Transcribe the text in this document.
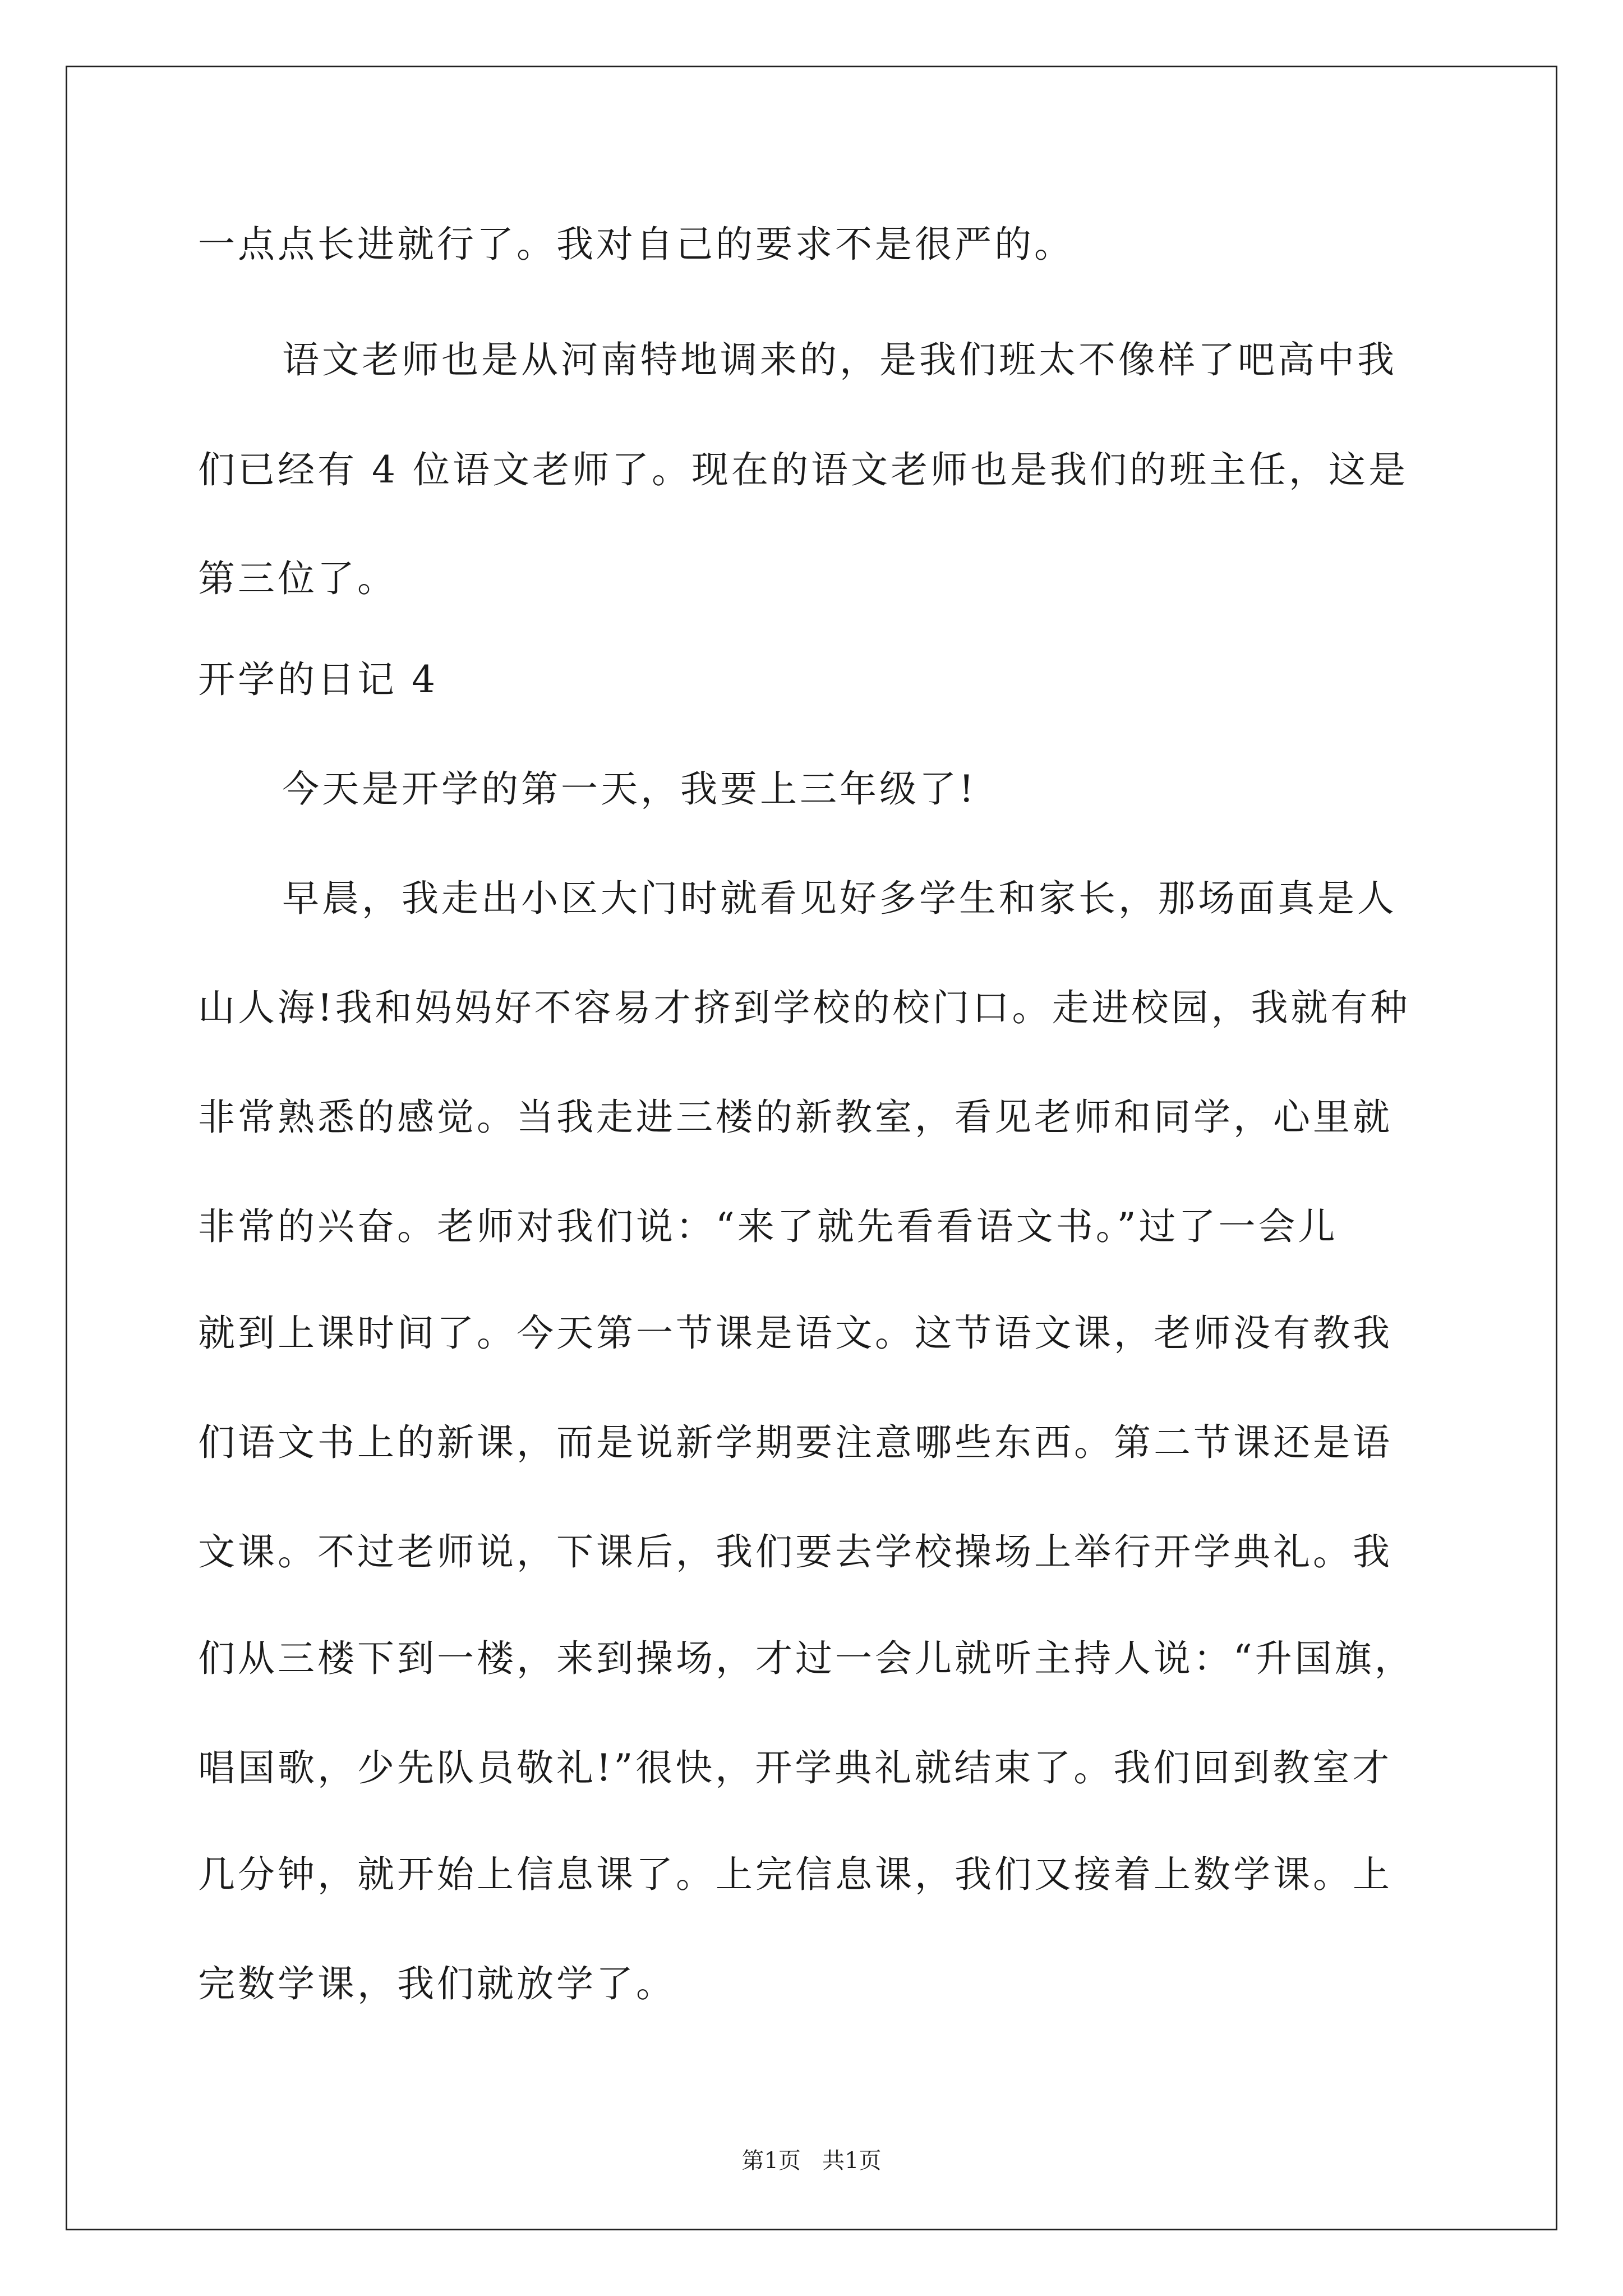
一点点长进就行了。我对自己的要求不是很严的。
语文老师也是从河南特地调来的，是我们班太不像样了吧高中我
们已经有 4 位语文老师了。现在的语文老师也是我们的班主任，这是
第三位了。
开学的日记 4
今天是开学的第一天，我要上三年级了!
早晨，我走出小区大门时就看见好多学生和家长，那场面真是人
山人海!我和妈妈好不容易才挤到学校的校门口。走进校园，我就有种
非常熟悉的感觉。当我走进三楼的新教室，看见老师和同学，心里就
非常的兴奋。老师对我们说：“来了就先看看语文书。”过了一会儿
就到上课时间了。今天第一节课是语文。这节语文课，老师没有教我
们语文书上的新课，而是说新学期要注意哪些东西。第二节课还是语
文课。不过老师说，下课后，我们要去学校操场上举行开学典礼。我
们从三楼下到一楼，来到操场，才过一会儿就听主持人说：“升国旗，
唱国歌，少先队员敬礼!”很快，开学典礼就结束了。我们回到教室才
几分钟，就开始上信息课了。上完信息课，我们又接着上数学课。上
完数学课，我们就放学了。
第1页   共1页
